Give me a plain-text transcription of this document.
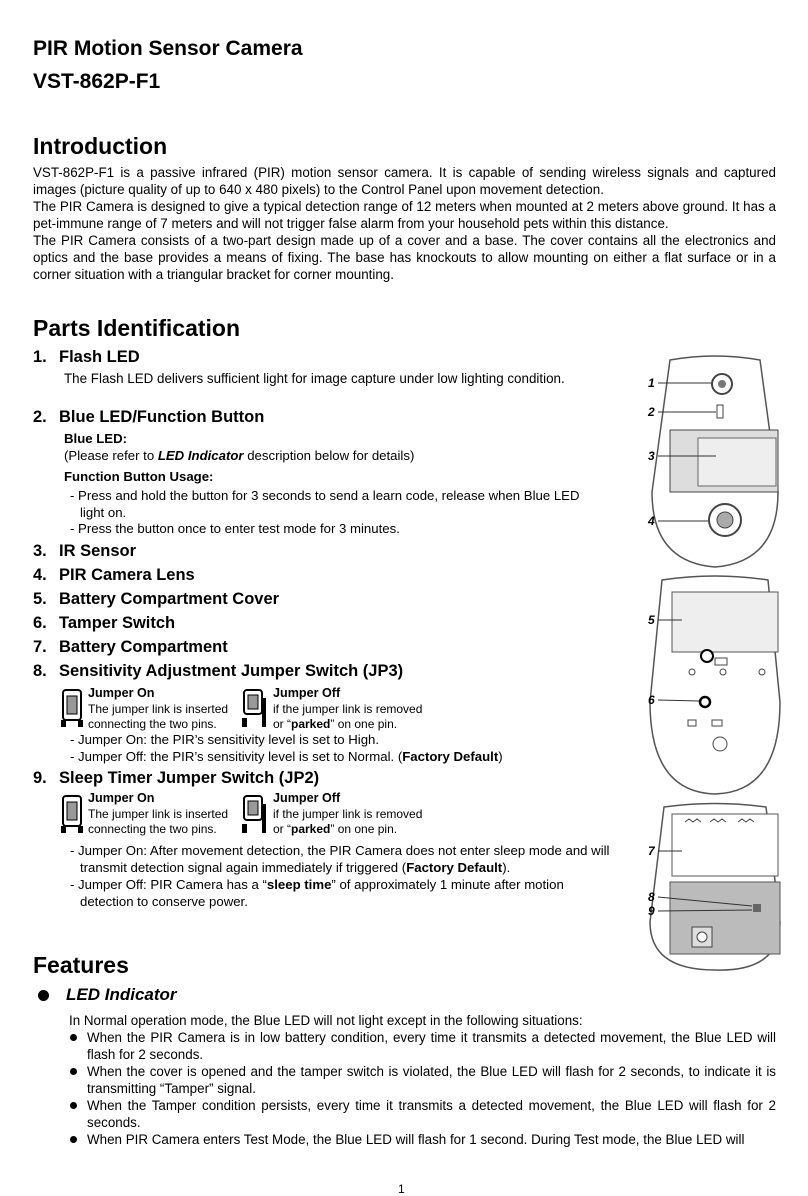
PIR Motion Sensor Camera
VST-862P-F1
Introduction
VST-862P-F1 is a passive infrared (PIR) motion sensor camera. It is capable of sending wireless signals and captured images (picture quality of up to 640 x 480 pixels) to the Control Panel upon movement detection.
The PIR Camera is designed to give a typical detection range of 12 meters when mounted at 2 meters above ground. It has a pet-immune range of 7 meters and will not trigger false alarm from your household pets within this distance.
The PIR Camera consists of a two-part design made up of a cover and a base. The cover contains all the electronics and optics and the base provides a means of fixing. The base has knockouts to allow mounting on either a flat surface or in a corner situation with a triangular bracket for corner mounting.
Parts Identification
1. Flash LED
The Flash LED delivers sufficient light for image capture under low lighting condition.
2. Blue LED/Function Button
Blue LED:
(Please refer to LED Indicator description below for details)
Function Button Usage:
- Press and hold the button for 3 seconds to send a learn code, release when Blue LED light on.
- Press the button once to enter test mode for 3 minutes.
3. IR Sensor
4. PIR Camera Lens
5. Battery Compartment Cover
6. Tamper Switch
7. Battery Compartment
8. Sensitivity Adjustment Jumper Switch (JP3)
Jumper On
The jumper link is inserted
connecting the two pins.
Jumper Off
if the jumper link is removed
or “parked” on one pin.
- Jumper On: the PIR’s sensitivity level is set to High.
- Jumper Off: the PIR’s sensitivity level is set to Normal. (Factory Default)
9. Sleep Timer Jumper Switch (JP2)
Jumper On
The jumper link is inserted
connecting the two pins.
Jumper Off
if the jumper link is removed
or “parked” on one pin.
- Jumper On: After movement detection, the PIR Camera does not enter sleep mode and will transmit detection signal again immediately if triggered (Factory Default).
- Jumper Off: PIR Camera has a “sleep time” of approximately 1 minute after motion detection to conserve power.
Features
LED Indicator
In Normal operation mode, the Blue LED will not light except in the following situations:
When the PIR Camera is in low battery condition, every time it transmits a detected movement, the Blue LED will flash for 2 seconds.
When the cover is opened and the tamper switch is violated, the Blue LED will flash for 2 seconds, to indicate it is transmitting “Tamper” signal.
When the Tamper condition persists, every time it transmits a detected movement, the Blue LED will flash for 2 seconds.
When PIR Camera enters Test Mode, the Blue LED will flash for 1 second. During Test mode, the Blue LED will
1
1
2
3
4
5
6
7
8
9
